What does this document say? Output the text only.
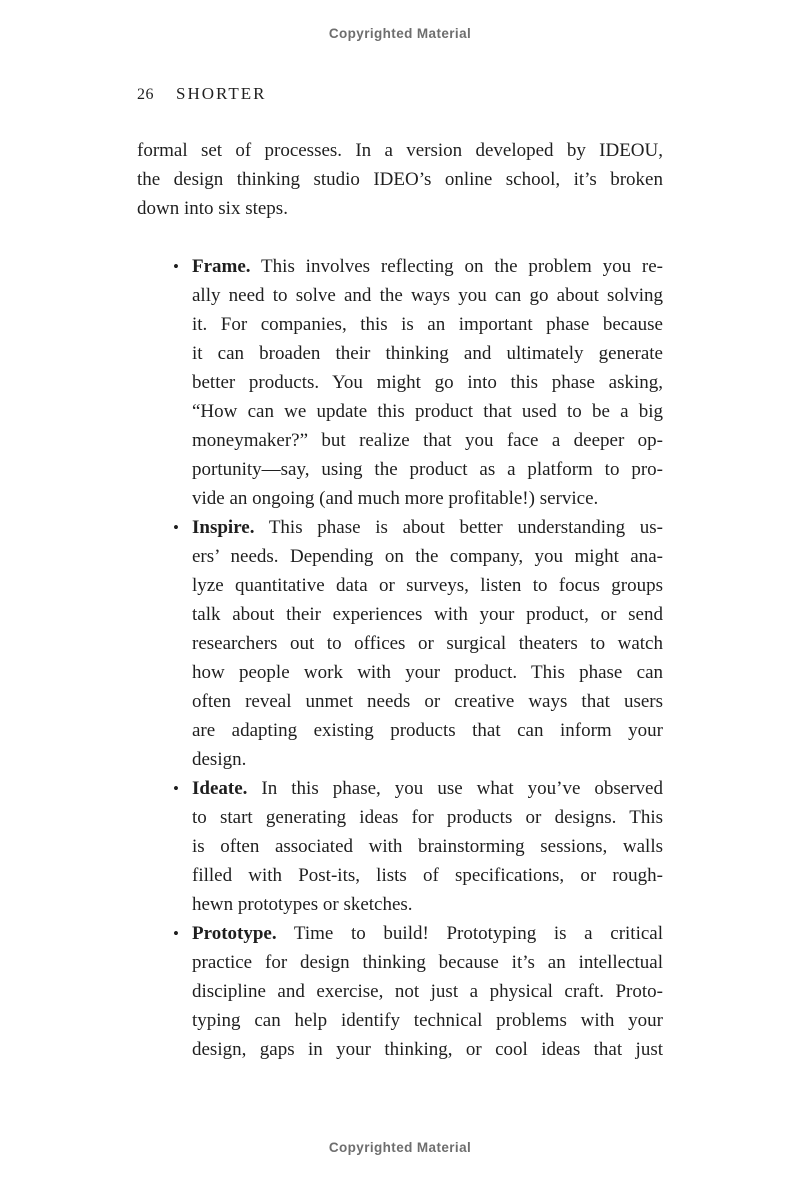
Copyrighted Material
26 SHORTER
formal set of processes. In a version developed by IDEOU,
the design thinking studio IDEO’s online school, it’s broken
down into six steps.
• Frame. This involves reflecting on the problem you re-
ally need to solve and the ways you can go about solving
it. For companies, this is an important phase because
it can broaden their thinking and ultimately generate
better products. You might go into this phase asking,
“How can we update this product that used to be a big
moneymaker?” but realize that you face a deeper op-
portunity—say, using the product as a platform to pro-
vide an ongoing (and much more profitable!) service.
• Inspire. This phase is about better understanding us-
ers’ needs. Depending on the company, you might ana-
lyze quantitative data or surveys, listen to focus groups
talk about their experiences with your product, or send
researchers out to offices or surgical theaters to watch
how people work with your product. This phase can
often reveal unmet needs or creative ways that users
are adapting existing products that can inform your
design.
• Ideate. In this phase, you use what you’ve observed
to start generating ideas for products or designs. This
is often associated with brainstorming sessions, walls
filled with Post-its, lists of specifications, or rough-
hewn prototypes or sketches.
• Prototype. Time to build! Prototyping is a critical
practice for design thinking because it’s an intellectual
discipline and exercise, not just a physical craft. Proto-
typing can help identify technical problems with your
design, gaps in your thinking, or cool ideas that just
Copyrighted Material
